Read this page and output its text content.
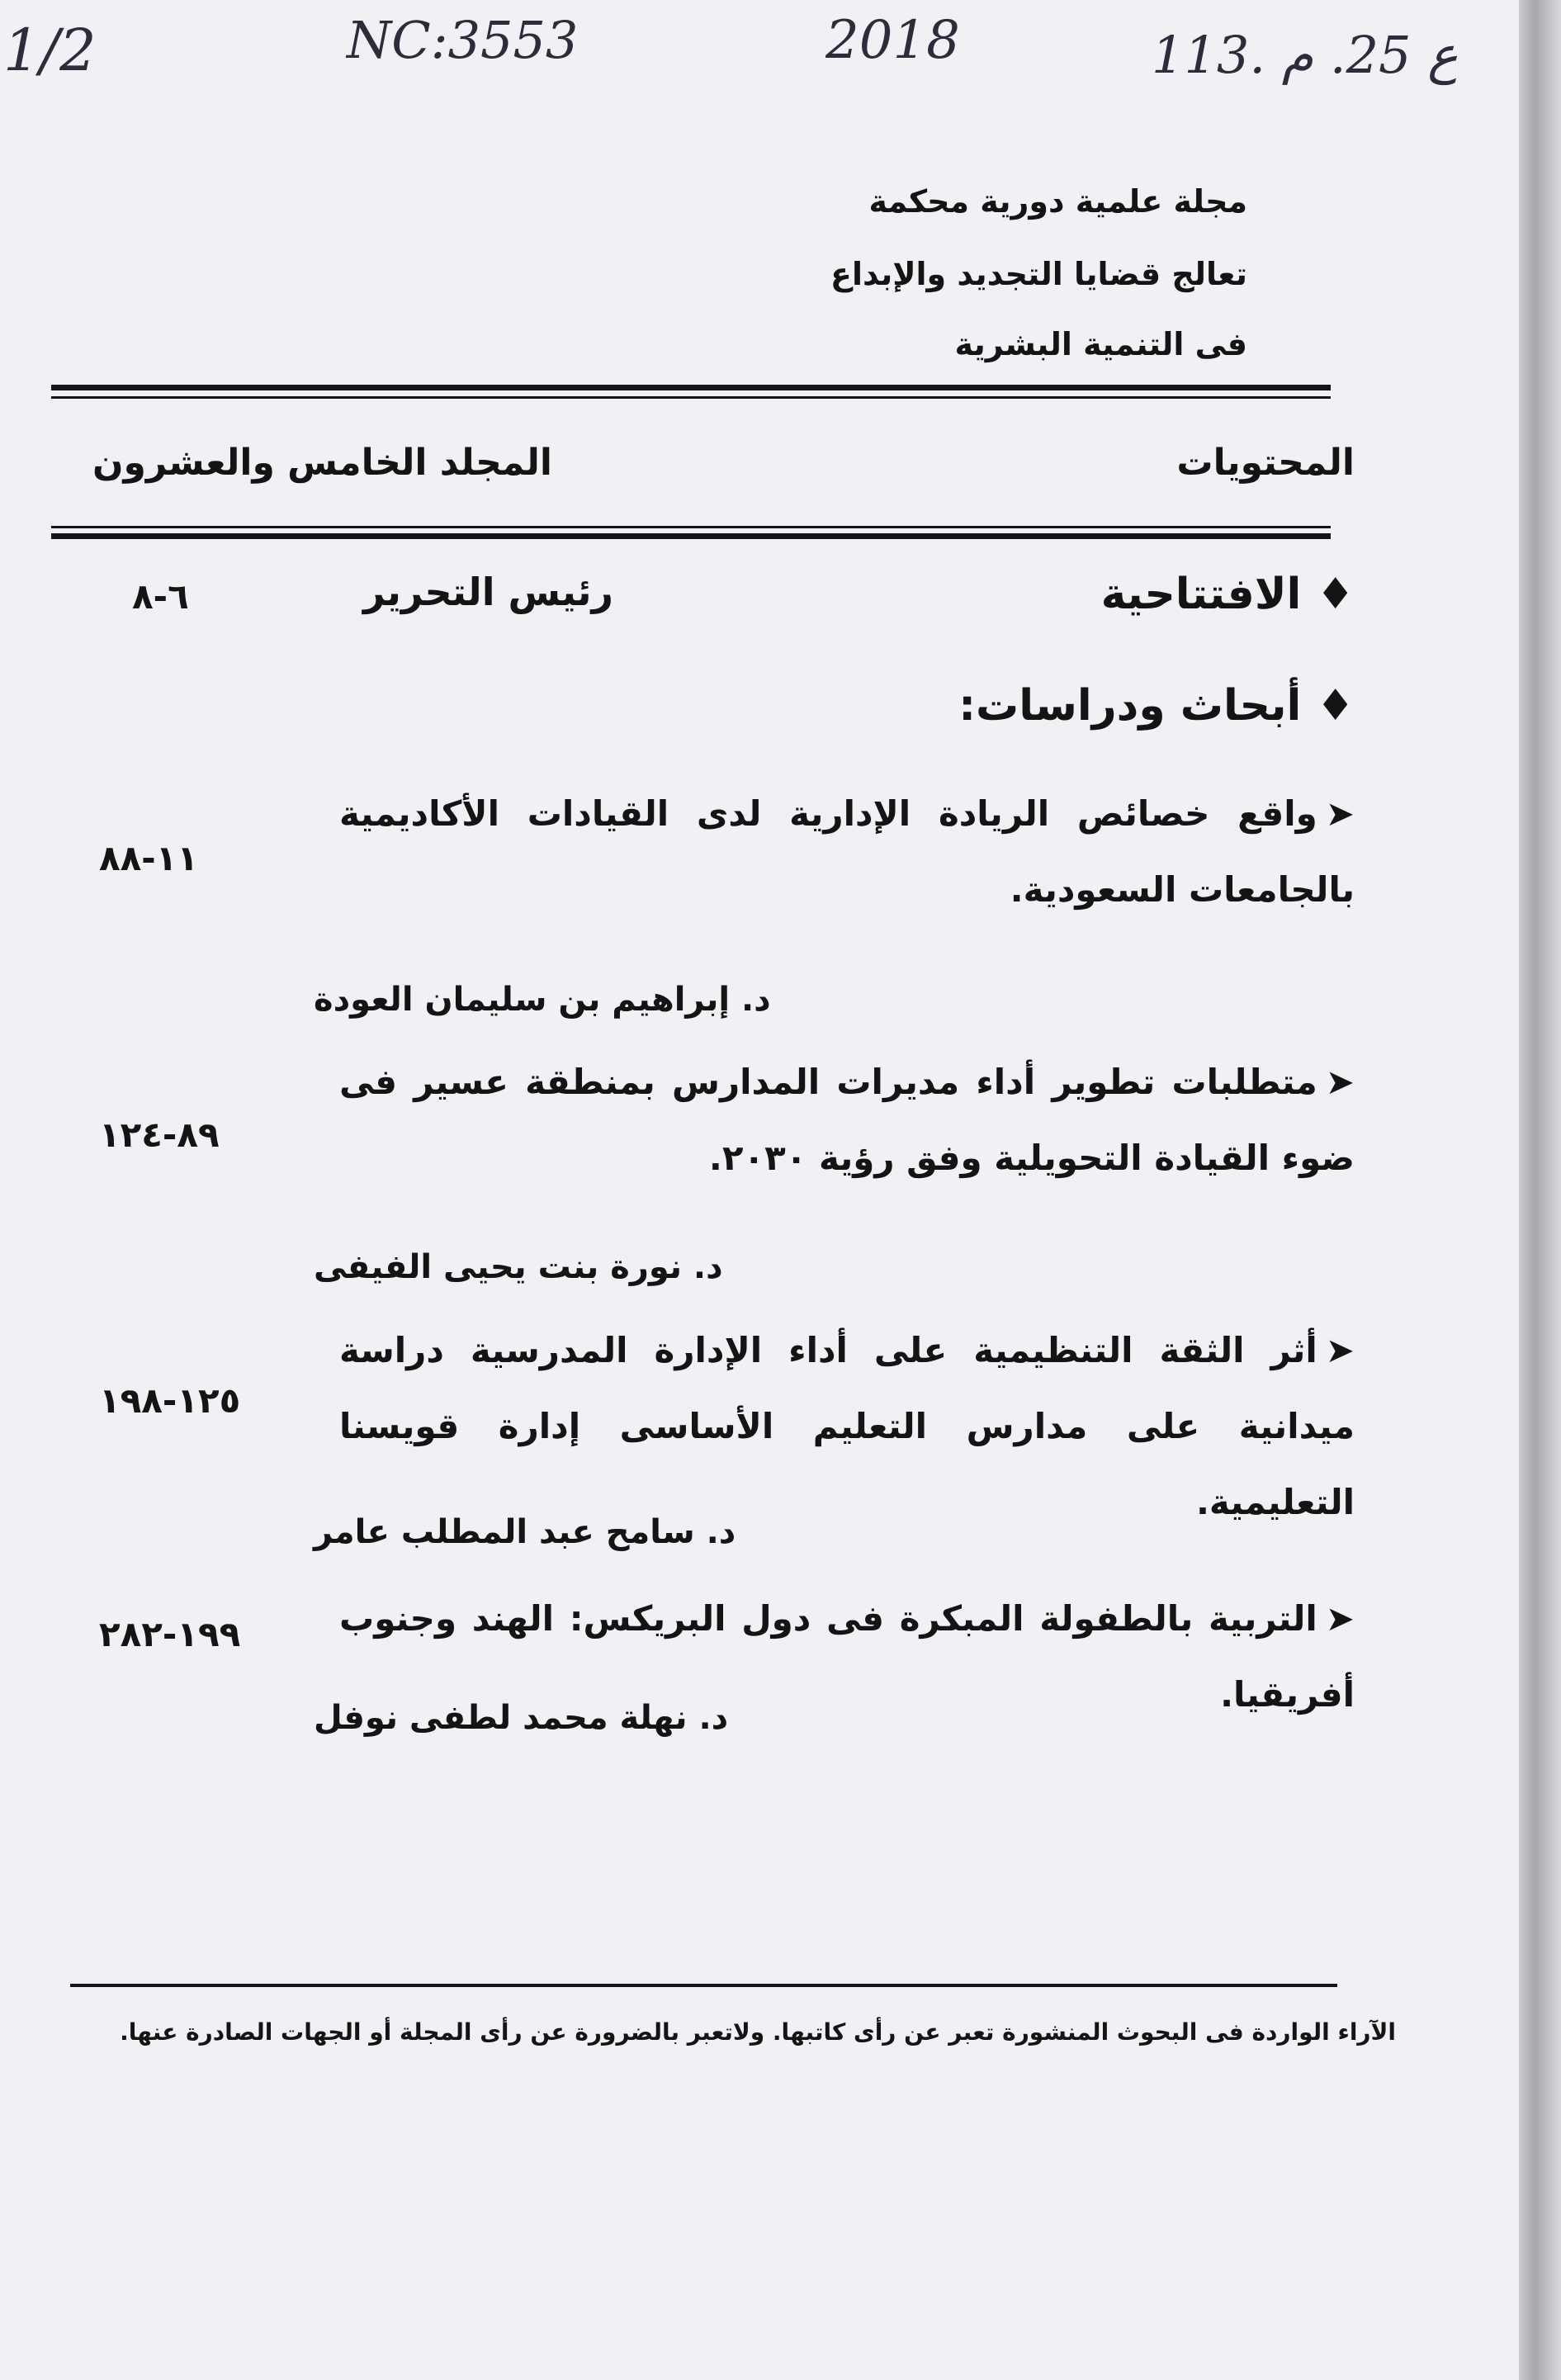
1/2	NC:3553	2018	113. ع 25. م
مجلة علمية دورية محكمة
تعالج قضايا التجديد والإبداع
فى التنمية البشرية
المحتويات
المجلد الخامس والعشرون
♦الافتتاحية
رئيس التحرير
٦-٨
♦أبحاث ودراسات:
➤واقع خصائص الريادة الإدارية لدى القيادات الأكاديمية بالجامعات السعودية.
١١-٨٨
د. إبراهيم بن سليمان العودة
➤متطلبات تطوير أداء مديرات المدارس بمنطقة عسير فى ضوء القيادة التحويلية وفق رؤية ٢٠٣٠.
٨٩-١٢٤
د. نورة بنت يحيى الفيفى
➤أثر الثقة التنظيمية على أداء الإدارة المدرسية دراسة ميدانية على مدارس التعليم الأساسى إدارة قويسنا التعليمية.
١٢٥-١٩٨
د. سامح عبد المطلب عامر
➤التربية بالطفولة المبكرة فى دول البريكس: الهند وجنوب أفريقيا.
١٩٩-٢٨٢
د. نهلة محمد لطفى نوفل
الآراء الواردة فى البحوث المنشورة تعبر عن رأى كاتبها. ولاتعبر بالضرورة عن رأى المجلة أو الجهات الصادرة عنها.
